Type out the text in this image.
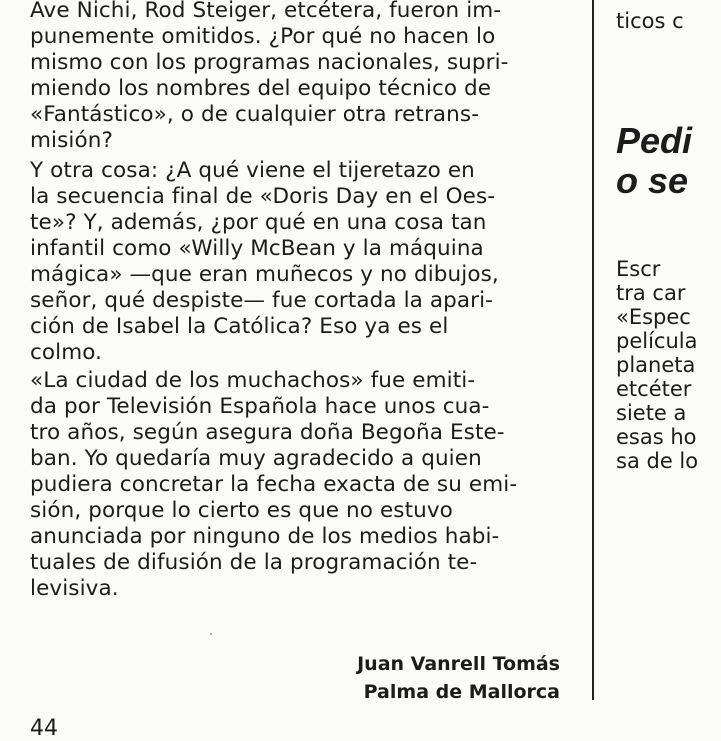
Ave Nichi, Rod Steiger, etcétera, fueron im-

punemente omitidos. ¿Por qué no hacen lo

mismo con los programas nacionales, supri-

miendo los nombres del equipo técnico de

«Fantástico», o de cualquier otra retrans-

misión?

Y otra cosa: ¿A qué viene el tijeretazo en

la secuencia final de «Doris Day en el Oes-

te»? Y, además, ¿por qué en una cosa tan

infantil como «Willy McBean y la máquina

mágica» —que eran muñecos y no dibujos,

señor, qué despiste— fue cortada la apari-

ción de Isabel la Católica? Eso ya es el

colmo.

«La ciudad de los muchachos» fue emiti-

da por Televisión Española hace unos cua-

tro años, según asegura doña Begoña Este-

ban. Yo quedaría muy agradecido a quien

pudiera concretar la fecha exacta de su emi-

sión, porque lo cierto es que no estuvo

anunciada por ninguno de los medios habi-

tuales de difusión de la programación te-

levisiva.

Juan Vanrell Tomás

Palma de Mallorca

44

ticos c

Pedi
o se

Escr

tra car

«Espec

película

planeta

etcéter

siete a

esas ho

sa de lo
